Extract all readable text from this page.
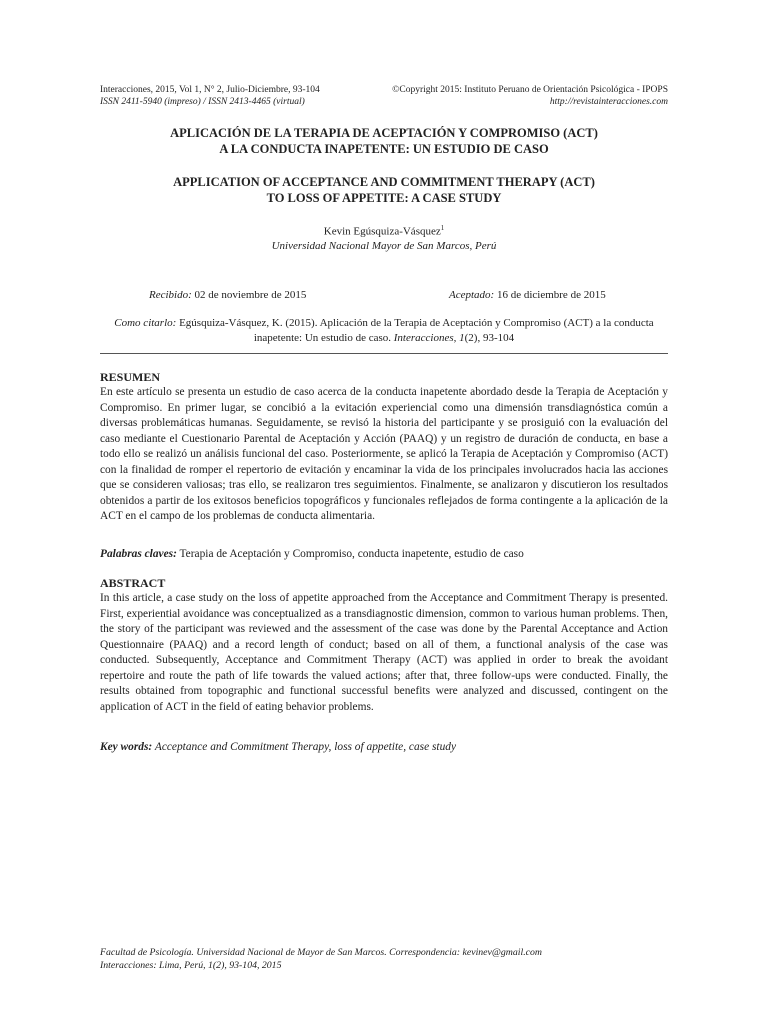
Interacciones, 2015, Vol 1, N° 2, Julio-Diciembre, 93-104	©Copyright 2015: Instituto Peruano de Orientación Psicológica - IPOPS
ISSN 2411-5940 (impreso) / ISSN 2413-4465 (virtual)	http://revistainteracciones.com
APLICACIÓN DE LA TERAPIA DE ACEPTACIÓN Y COMPROMISO (ACT)
A LA CONDUCTA INAPETENTE: UN ESTUDIO DE CASO
APPLICATION OF ACCEPTANCE AND COMMITMENT THERAPY (ACT)
TO LOSS OF APPETITE: A CASE STUDY
Kevin Egúsquiza-Vásquez$^1$
Universidad Nacional Mayor de San Marcos, Perú
Recibido: 02 de noviembre de 2015	Aceptado: 16 de diciembre de 2015
Como citarlo: Egúsquiza-Vásquez, K. (2015). Aplicación de la Terapia de Aceptación y Compromiso (ACT) a la conducta inapetente: Un estudio de caso. Interacciones, 1(2), 93-104
RESUMEN
En este artículo se presenta un estudio de caso acerca de la conducta inapetente abordado desde la Terapia de Aceptación y Compromiso. En primer lugar, se concibió a la evitación experiencial como una dimensión transdiagnóstica común a diversas problemáticas humanas. Seguidamente, se revisó la historia del participante y se prosiguió con la evaluación del caso mediante el Cuestionario Parental de Aceptación y Acción (PAAQ) y un registro de duración de conducta, en base a todo ello se realizó un análisis funcional del caso. Posteriormente, se aplicó la Terapia de Aceptación y Compromiso (ACT) con la finalidad de romper el repertorio de evitación y encaminar la vida de los principales involucrados hacia las acciones que se consideren valiosas; tras ello, se realizaron tres seguimientos. Finalmente, se analizaron y discutieron los resultados obtenidos a partir de los exitosos beneficios topográficos y funcionales reflejados de forma contingente a la aplicación de la ACT en el campo de los problemas de conducta alimentaria.
Palabras claves: Terapia de Aceptación y Compromiso, conducta inapetente, estudio de caso
ABSTRACT
In this article, a case study on the loss of appetite approached from the Acceptance and Commitment Therapy is presented. First, experiential avoidance was conceptualized as a transdiagnostic dimension, common to various human problems. Then, the story of the participant was reviewed and the assessment of the case was done by the Parental Acceptance and Action Questionnaire (PAAQ) and a record length of conduct; based on all of them, a functional analysis of the case was conducted. Subsequently, Acceptance and Commitment Therapy (ACT) was applied in order to break the avoidant repertoire and route the path of life towards the valued actions; after that, three follow-ups were conducted. Finally, the results obtained from topographic and functional successful benefits were analyzed and discussed, contingent on the application of ACT in the field of eating behavior problems.
Key words: Acceptance and Commitment Therapy, loss of appetite, case study
Facultad de Psicología. Universidad Nacional de Mayor de San Marcos. Correspondencia: kevinev@gmail.com
Interacciones: Lima, Perú, 1(2), 93-104, 2015
